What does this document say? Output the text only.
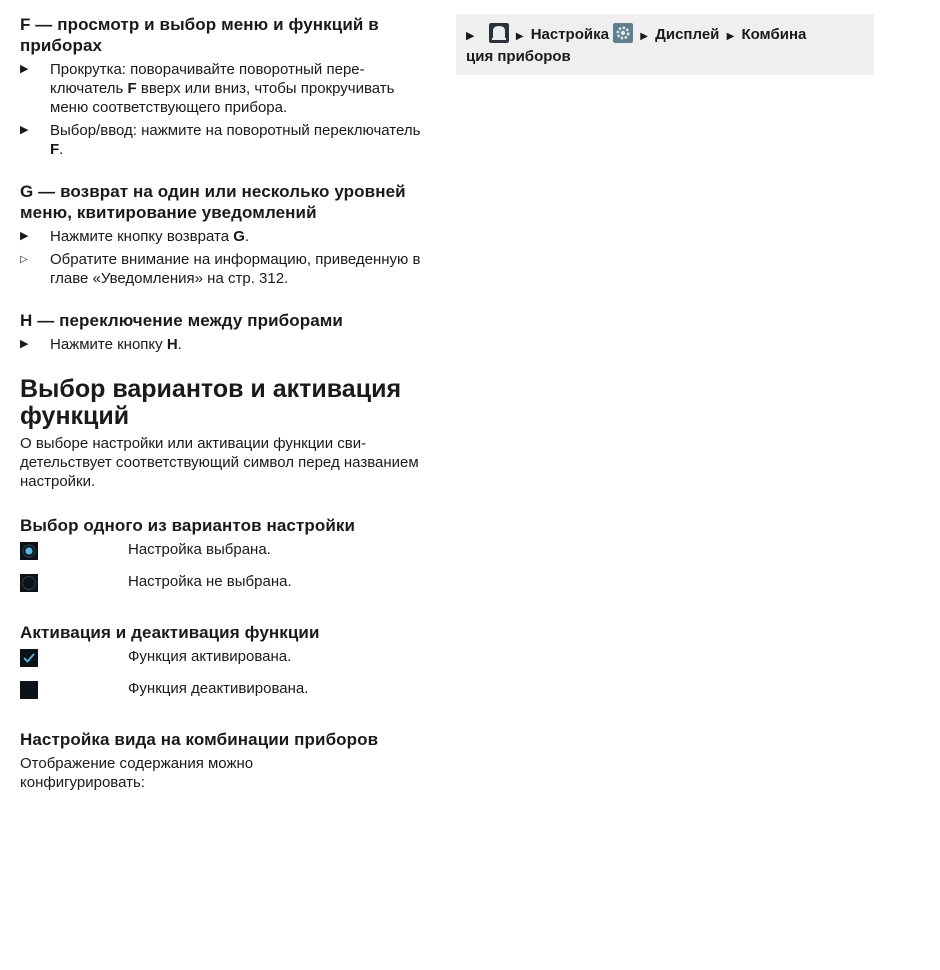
F — просмотр и выбор меню и функций в приборах
▶ Прокрутка: поворачивайте поворотный переключатель F вверх или вниз, чтобы прокручивать меню соответствующего прибора.
▶ Выбор/ввод: нажмите на поворотный переключатель F.
G — возврат на один или несколько уровней меню, квитирование уведомлений
▶ Нажмите кнопку возврата G.
▷ Обратите внимание на информацию, приведенную в главе «Уведомления» на стр. 312.
H — переключение между приборами
▶ Нажмите кнопку H.
Выбор вариантов и активация функций

О выборе настройки или активации функции свидетельствует соответствующий символ перед названием настройки.

Выбор одного из вариантов настройки
Настройка выбрана.
Настройка не выбрана.
Активация и деактивация функции
Функция активирована.
Функция деактивирована.
Настройка вида на комбинации приборов

Отображение содержания можно конфигурировать:

▶	▶ Настройка	▶ Дисплей ▶ Комбина
ция приборов
